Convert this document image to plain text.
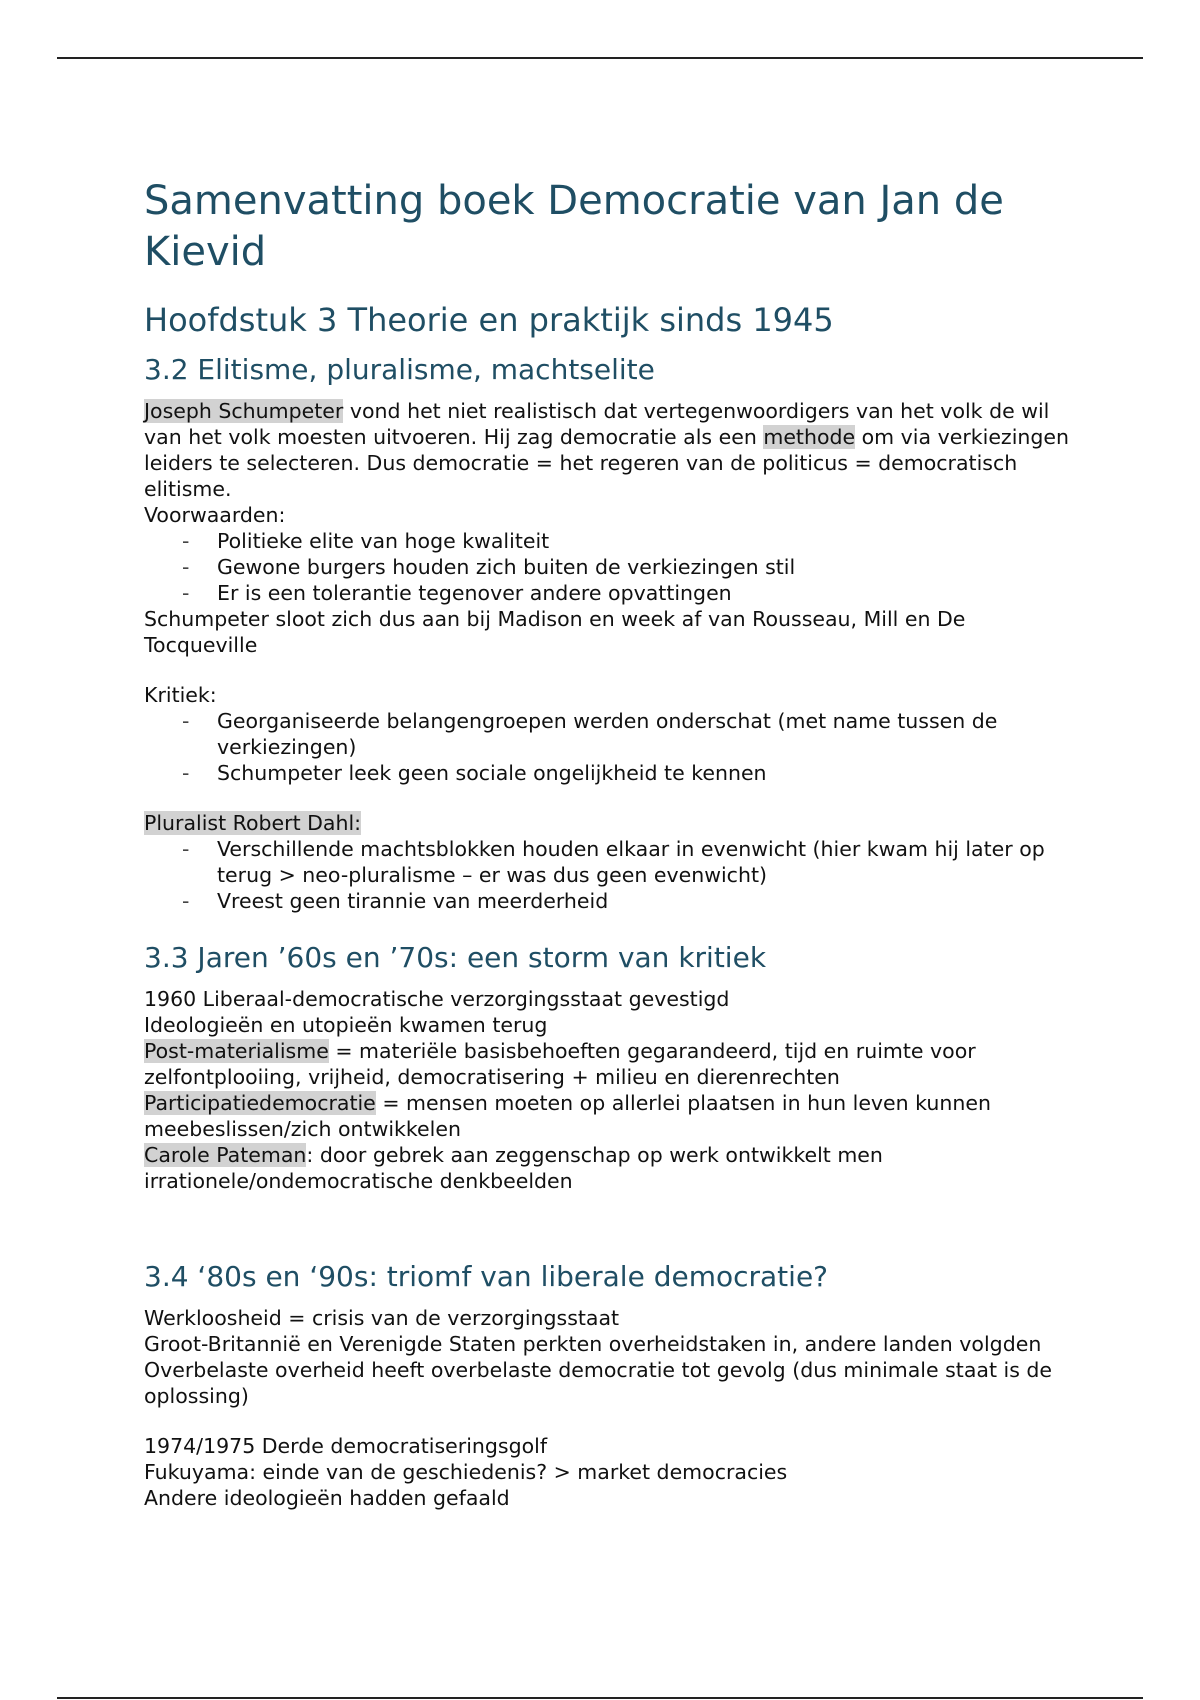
Samenvatting boek Democratie van Jan de Kievid
Hoofdstuk 3 Theorie en praktijk sinds 1945
3.2 Elitisme, pluralisme, machtselite

Joseph Schumpeter vond het niet realistisch dat vertegenwoordigers van het volk de wil van het volk moesten uitvoeren. Hij zag democratie als een methode om via verkiezingen leiders te selecteren. Dus democratie = het regeren van de politicus = democratisch elitisme.

Voorwaarden:

- Politieke elite van hoge kwaliteit
- Gewone burgers houden zich buiten de verkiezingen stil
- Er is een tolerantie tegenover andere opvattingen

Schumpeter sloot zich dus aan bij Madison en week af van Rousseau, Mill en De Tocqueville

Kritiek:

- Georganiseerde belangengroepen werden onderschat (met name tussen de verkiezingen)
- Schumpeter leek geen sociale ongelijkheid te kennen

Pluralist Robert Dahl:

- Verschillende machtsblokken houden elkaar in evenwicht (hier kwam hij later op terug > neo-pluralisme – er was dus geen evenwicht)
- Vreest geen tirannie van meerderheid
3.3 Jaren ’60s en ’70s: een storm van kritiek

1960 Liberaal-democratische verzorgingsstaat gevestigd

Ideologieën en utopieën kwamen terug

Post-materialisme = materiële basisbehoeften gegarandeerd, tijd en ruimte voor zelfontplooiing, vrijheid, democratisering + milieu en dierenrechten

Participatiedemocratie = mensen moeten op allerlei plaatsen in hun leven kunnen meebeslissen/zich ontwikkelen

Carole Pateman: door gebrek aan zeggenschap op werk ontwikkelt men irrationele/ondemocratische denkbeelden

3.4 ‘80s en ‘90s: triomf van liberale democratie?

Werkloosheid = crisis van de verzorgingsstaat

Groot-Britannië en Verenigde Staten perkten overheidstaken in, andere landen volgden

Overbelaste overheid heeft overbelaste democratie tot gevolg (dus minimale staat is de oplossing)

1974/1975 Derde democratiseringsgolf

Fukuyama: einde van de geschiedenis? > market democracies

Andere ideologieën hadden gefaald
